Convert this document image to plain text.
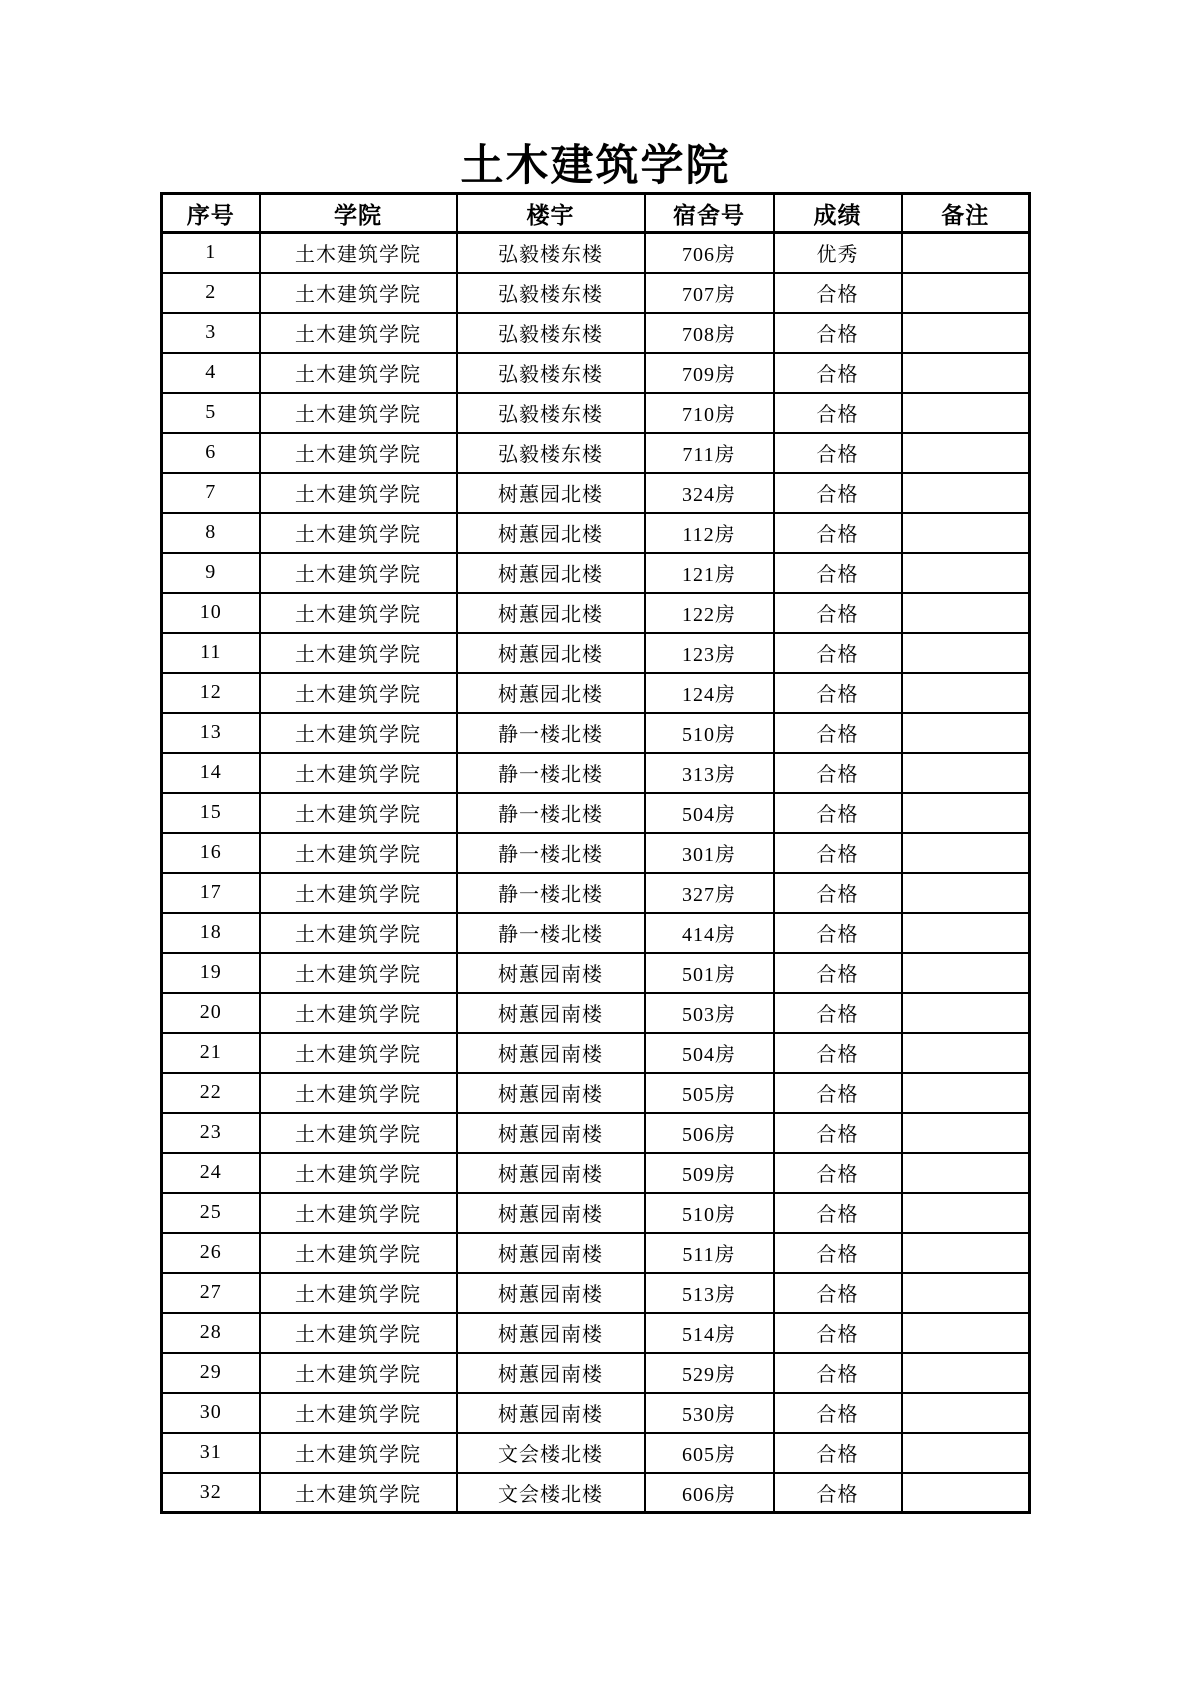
土木建筑学院
序号	学院	楼宇	宿舍号	成绩	备注
1	土木建筑学院	弘毅楼东楼	706房	优秀	
2	土木建筑学院	弘毅楼东楼	707房	合格	
3	土木建筑学院	弘毅楼东楼	708房	合格	
4	土木建筑学院	弘毅楼东楼	709房	合格	
5	土木建筑学院	弘毅楼东楼	710房	合格	
6	土木建筑学院	弘毅楼东楼	711房	合格	
7	土木建筑学院	树蕙园北楼	324房	合格	
8	土木建筑学院	树蕙园北楼	112房	合格	
9	土木建筑学院	树蕙园北楼	121房	合格	
10	土木建筑学院	树蕙园北楼	122房	合格	
11	土木建筑学院	树蕙园北楼	123房	合格	
12	土木建筑学院	树蕙园北楼	124房	合格	
13	土木建筑学院	静一楼北楼	510房	合格	
14	土木建筑学院	静一楼北楼	313房	合格	
15	土木建筑学院	静一楼北楼	504房	合格	
16	土木建筑学院	静一楼北楼	301房	合格	
17	土木建筑学院	静一楼北楼	327房	合格	
18	土木建筑学院	静一楼北楼	414房	合格	
19	土木建筑学院	树蕙园南楼	501房	合格	
20	土木建筑学院	树蕙园南楼	503房	合格	
21	土木建筑学院	树蕙园南楼	504房	合格	
22	土木建筑学院	树蕙园南楼	505房	合格	
23	土木建筑学院	树蕙园南楼	506房	合格	
24	土木建筑学院	树蕙园南楼	509房	合格	
25	土木建筑学院	树蕙园南楼	510房	合格	
26	土木建筑学院	树蕙园南楼	511房	合格	
27	土木建筑学院	树蕙园南楼	513房	合格	
28	土木建筑学院	树蕙园南楼	514房	合格	
29	土木建筑学院	树蕙园南楼	529房	合格	
30	土木建筑学院	树蕙园南楼	530房	合格	
31	土木建筑学院	文会楼北楼	605房	合格	
32	土木建筑学院	文会楼北楼	606房	合格	
